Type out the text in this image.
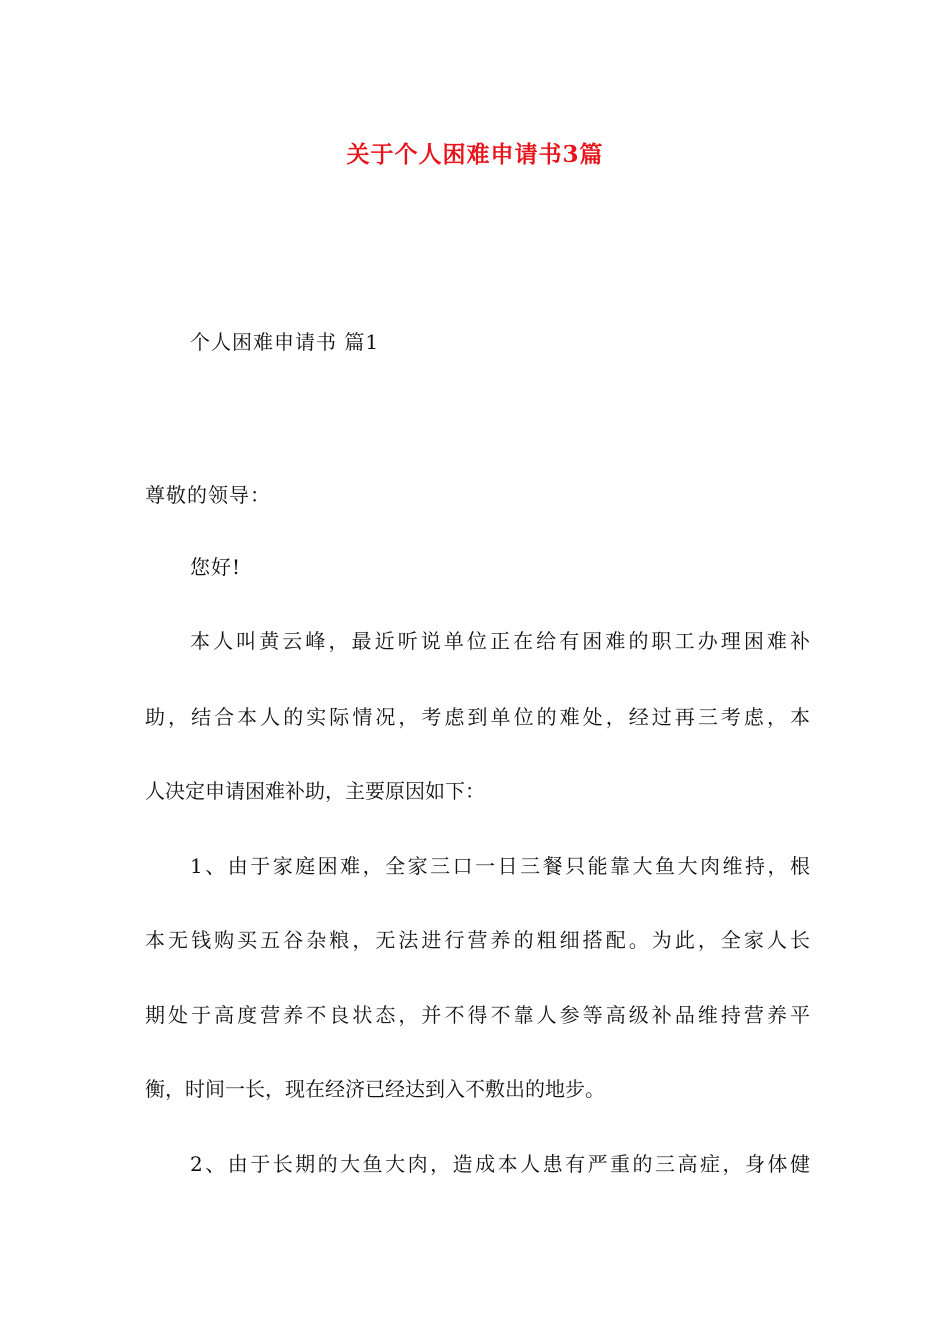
关于个人困难申请书3篇
个人困难申请书 篇1
尊敬的领导：
您好!
本人叫黄云峰，最近听说单位正在给有困难的职工办理困难补
助，结合本人的实际情况，考虑到单位的难处，经过再三考虑，本
人决定申请困难补助，主要原因如下：
1、由于家庭困难，全家三口一日三餐只能靠大鱼大肉维持，根
本无钱购买五谷杂粮，无法进行营养的粗细搭配。为此，全家人长
期处于高度营养不良状态，并不得不靠人参等高级补品维持营养平
衡，时间一长，现在经济已经达到入不敷出的地步。
2、由于长期的大鱼大肉，造成本人患有严重的三高症，身体健
